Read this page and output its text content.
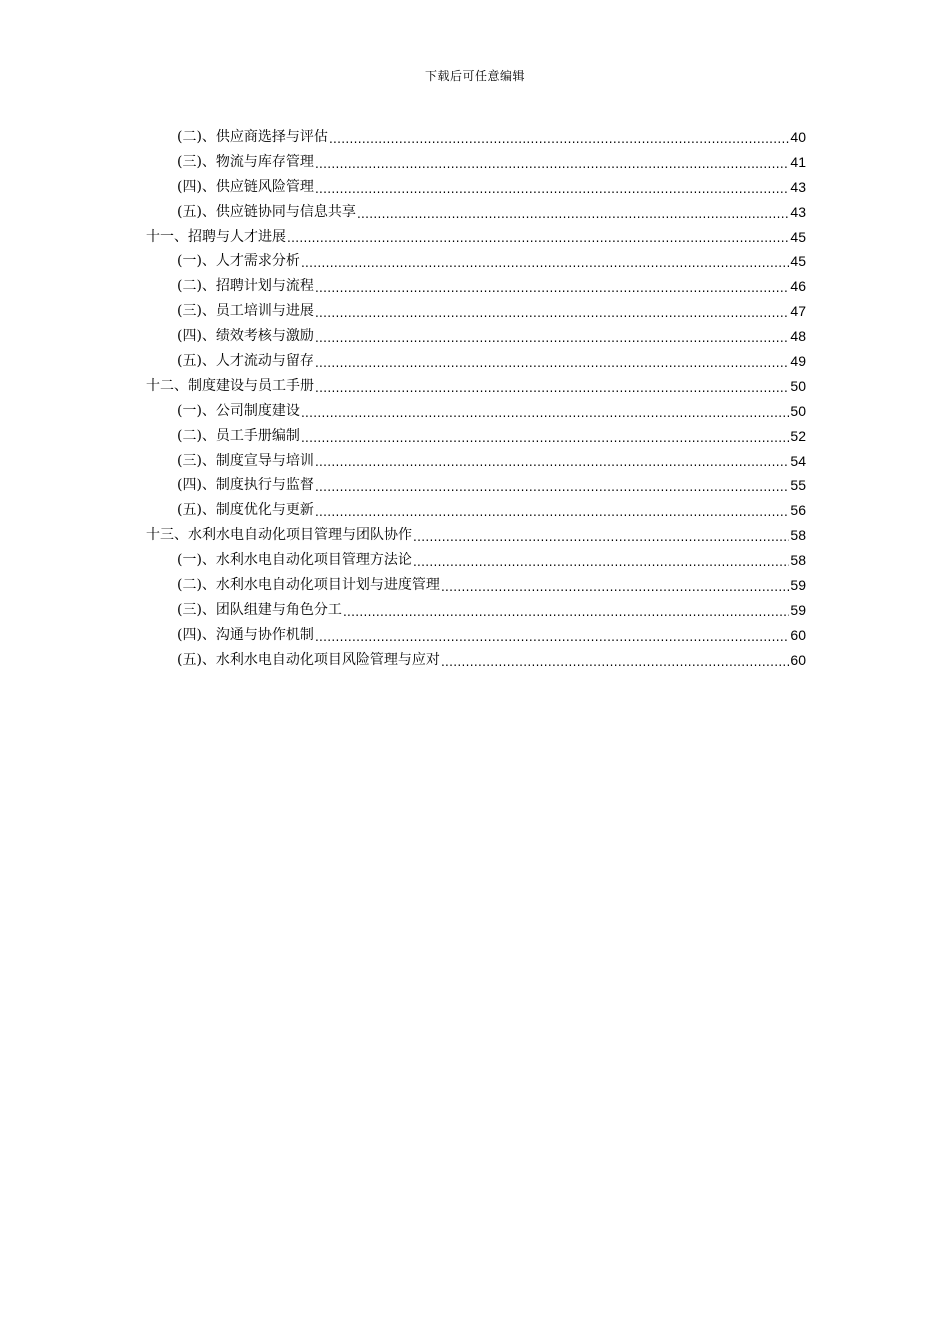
下载后可任意编辑
(二)、供应商选择与评估 .....	40
(三)、物流与库存管理 .....	41
(四)、供应链风险管理 .....	43
(五)、供应链协同与信息共享 .....	43
十一、招聘与人才进展 .....	45
(一)、人才需求分析 .....	45
(二)、招聘计划与流程 .....	46
(三)、员工培训与进展 .....	47
(四)、绩效考核与激励 .....	48
(五)、人才流动与留存 .....	49
十二、制度建设与员工手册 .....	50
(一)、公司制度建设 .....	50
(二)、员工手册编制 .....	52
(三)、制度宣导与培训 .....	54
(四)、制度执行与监督 .....	55
(五)、制度优化与更新 .....	56
十三、水利水电自动化项目管理与团队协作 .....	58
(一)、水利水电自动化项目管理方法论 .....	58
(二)、水利水电自动化项目计划与进度管理 .....	59
(三)、团队组建与角色分工 .....	59
(四)、沟通与协作机制 .....	60
(五)、水利水电自动化项目风险管理与应对 .....	60
